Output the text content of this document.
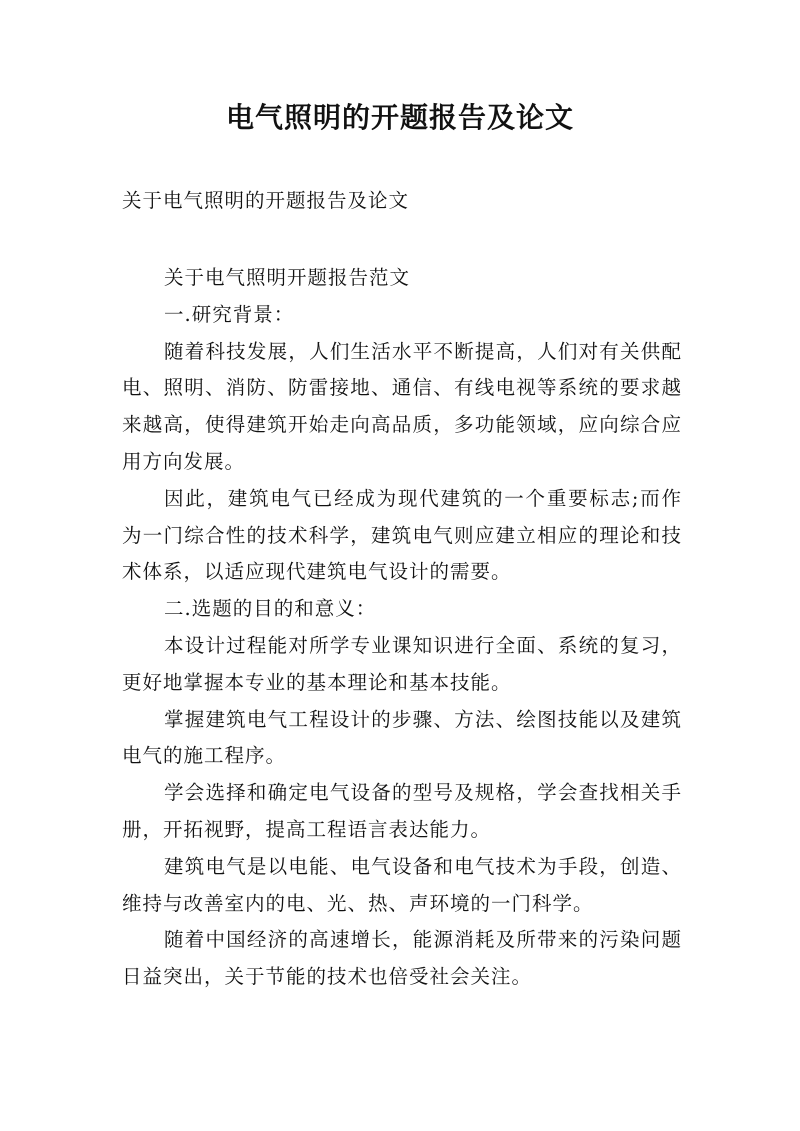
电气照明的开题报告及论文
关于电气照明的开题报告及论文

关于电气照明开题报告范文

一.研究背景：

随着科技发展，人们生活水平不断提高，人们对有关供配电、照明、消防、防雷接地、通信、有线电视等系统的要求越来越高，使得建筑开始走向高品质，多功能领域，应向综合应用方向发展。

因此，建筑电气已经成为现代建筑的一个重要标志;而作为一门综合性的技术科学，建筑电气则应建立相应的理论和技术体系，以适应现代建筑电气设计的需要。

二.选题的目的和意义：

本设计过程能对所学专业课知识进行全面、系统的复习，更好地掌握本专业的基本理论和基本技能。

掌握建筑电气工程设计的步骤、方法、绘图技能以及建筑电气的施工程序。

学会选择和确定电气设备的型号及规格，学会查找相关手册，开拓视野，提高工程语言表达能力。

建筑电气是以电能、电气设备和电气技术为手段，创造、维持与改善室内的电、光、热、声环境的一门科学。

随着中国经济的高速增长，能源消耗及所带来的污染问题日益突出，关于节能的技术也倍受社会关注。
